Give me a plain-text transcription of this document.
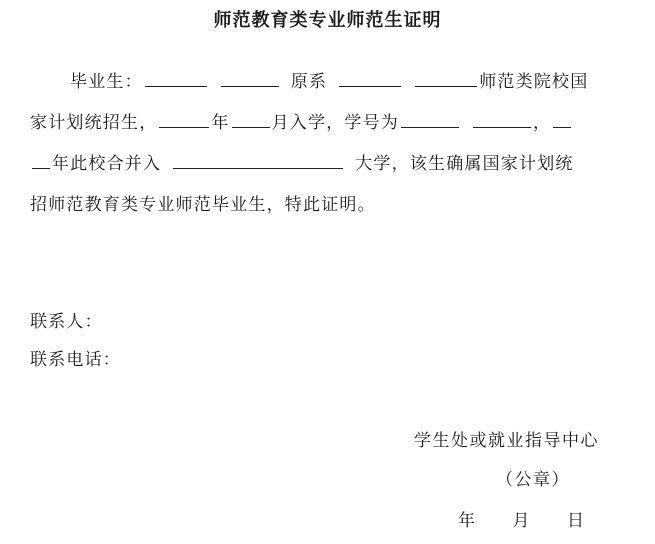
师范教育类专业师范生证明
毕业生：	原系	师范类院校国
家计划统招生，	年 月入学，学号为	，
年此校合并入	大学，该生确属国家计划统
招师范教育类专业师范毕业生，特此证明。
联系人：
联系电话：
学生处或就业指导中心
（公章）
年 月 日
